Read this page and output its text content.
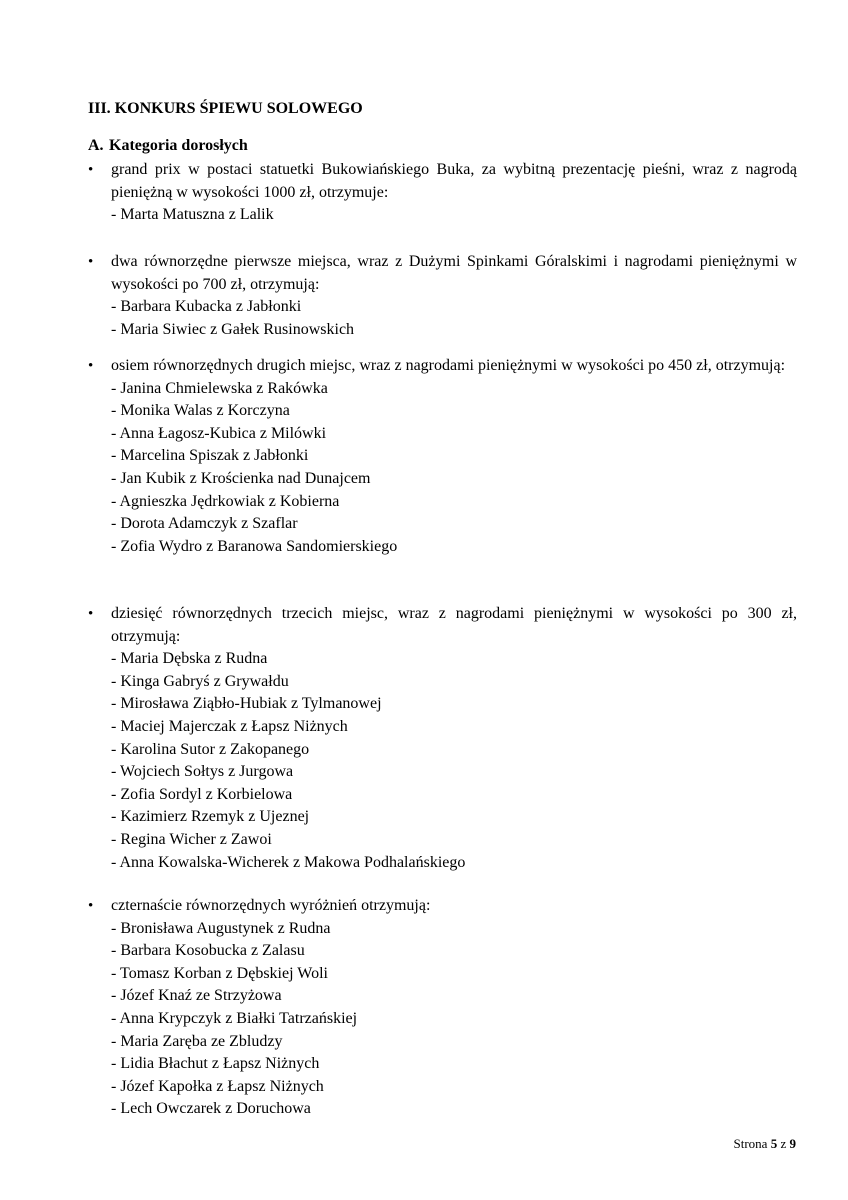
III. KONKURS ŚPIEWU SOLOWEGO

A. Kategoria dorosłych

•	grand prix w postaci statuetki Bukowiańskiego Buka, za wybitną prezentację pieśni, wraz z nagrodą pieniężną w wysokości 1000 zł, otrzymuje:
- Marta Matuszna z Lalik
•	dwa równorzędne pierwsze miejsca, wraz z Dużymi Spinkami Góralskimi i nagrodami pieniężnymi w wysokości po 700 zł, otrzymują:
- Barbara Kubacka z Jabłonki
- Maria Siwiec z Gałek Rusinowskich
•	osiem równorzędnych drugich miejsc, wraz z nagrodami pieniężnymi w wysokości po 450 zł, otrzymują:
- Janina Chmielewska z Rakówka
- Monika Walas z Korczyna
- Anna Łagosz-Kubica z Milówki
- Marcelina Spiszak z Jabłonki
- Jan Kubik z Krościenka nad Dunajcem
- Agnieszka Jędrkowiak z Kobierna
- Dorota Adamczyk z Szaflar
- Zofia Wydro z Baranowa Sandomierskiego
•	dziesięć równorzędnych trzecich miejsc, wraz z nagrodami pieniężnymi w wysokości po 300 zł, otrzymują:
- Maria Dębska z Rudna
- Kinga Gabryś z Grywałdu
- Mirosława Ziąbło-Hubiak z Tylmanowej
- Maciej Majerczak z Łapsz Niżnych
- Karolina Sutor z Zakopanego
- Wojciech Sołtys z Jurgowa
- Zofia Sordyl z Korbielowa
- Kazimierz Rzemyk z Ujeznej
- Regina Wicher z Zawoi
- Anna Kowalska-Wicherek z Makowa Podhalańskiego
•	czternaście równorzędnych wyróżnień otrzymują:
- Bronisława Augustynek z Rudna
- Barbara Kosobucka z Zalasu
- Tomasz Korban z Dębskiej Woli
- Józef Knaź ze Strzyżowa
- Anna Krypczyk z Białki Tatrzańskiej
- Maria Zaręba ze Zbludzy
- Lidia Błachut z Łapsz Niżnych
- Józef Kapołka z Łapsz Niżnych
- Lech Owczarek z Doruchowa
Strona 5 z 9
